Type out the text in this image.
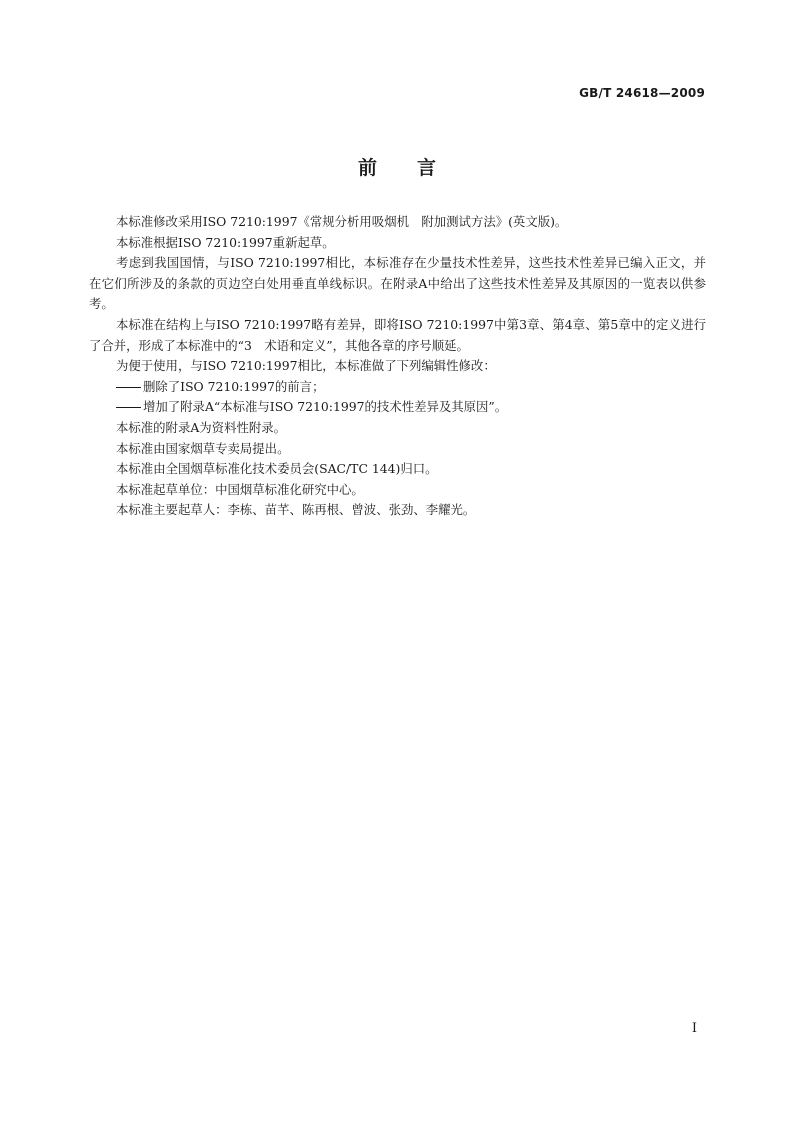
GB/T 24618—2009
前言

本标准修改采用ISO 7210:1997《常规分析用吸烟机　附加测试方法》(英文版)。

本标准根据ISO 7210:1997重新起草。

考虑到我国国情，与ISO 7210:1997相比，本标准存在少量技术性差异，这些技术性差异已编入正文，并在它们所涉及的条款的页边空白处用垂直单线标识。在附录A中给出了这些技术性差异及其原因的一览表以供参考。

本标准在结构上与ISO 7210:1997略有差异，即将ISO 7210:1997中第3章、第4章、第5章中的定义进行了合并，形成了本标准中的“3　术语和定义”，其他各章的序号顺延。

为便于使用，与ISO 7210:1997相比，本标准做了下列编辑性修改：

删除了ISO 7210:1997的前言；

增加了附录A“本标准与ISO 7210:1997的技术性差异及其原因”。

本标准的附录A为资料性附录。

本标准由国家烟草专卖局提出。

本标准由全国烟草标准化技术委员会(SAC/TC 144)归口。

本标准起草单位：中国烟草标准化研究中心。

本标准主要起草人：李栋、苗芊、陈再根、曾波、张劲、李耀光。

I
